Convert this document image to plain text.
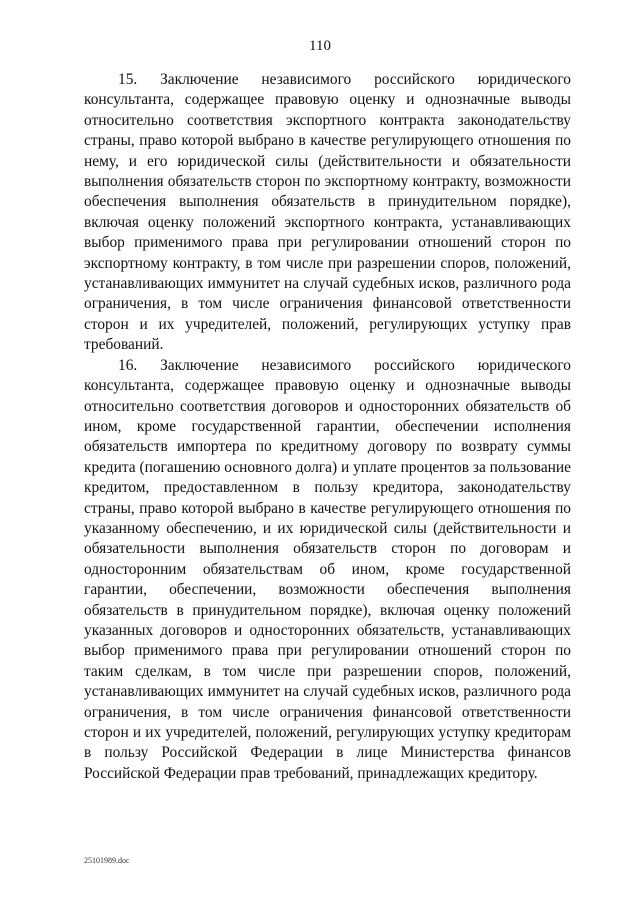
110

15. Заключение независимого российского юридического консультанта, содержащее правовую оценку и однозначные выводы относительно соответствия экспортного контракта законодательству страны, право которой выбрано в качестве регулирующего отношения по нему, и его юридической силы (действительности и обязательности выполнения обязательств сторон по экспортному контракту, возможности обеспечения выполнения обязательств в принудительном порядке), включая оценку положений экспортного контракта, устанавливающих выбор применимого права при регулировании отношений сторон по экспортному контракту, в том числе при разрешении споров, положений, устанавливающих иммунитет на случай судебных исков, различного рода ограничения, в том числе ограничения финансовой ответственности сторон и их учредителей, положений, регулирующих уступку прав требований.

16. Заключение независимого российского юридического консультанта, содержащее правовую оценку и однозначные выводы относительно соответствия договоров и односторонних обязательств об ином, кроме государственной гарантии, обеспечении исполнения обязательств импортера по кредитному договору по возврату суммы кредита (погашению основного долга) и уплате процентов за пользование кредитом, предоставленном в пользу кредитора, законодательству страны, право которой выбрано в качестве регулирующего отношения по указанному обеспечению, и их юридической силы (действительности и обязательности выполнения обязательств сторон по договорам и односторонним обязательствам об ином, кроме государственной гарантии, обеспечении, возможности обеспечения выполнения обязательств в принудительном порядке), включая оценку положений указанных договоров и односторонних обязательств, устанавливающих выбор применимого права при регулировании отношений сторон по таким сделкам, в том числе при разрешении споров, положений, устанавливающих иммунитет на случай судебных исков, различного рода ограничения, в том числе ограничения финансовой ответственности сторон и их учредителей, положений, регулирующих уступку кредиторам в пользу Российской Федерации в лице Министерства финансов Российской Федерации прав требований, принадлежащих кредитору.

25101989.doc
